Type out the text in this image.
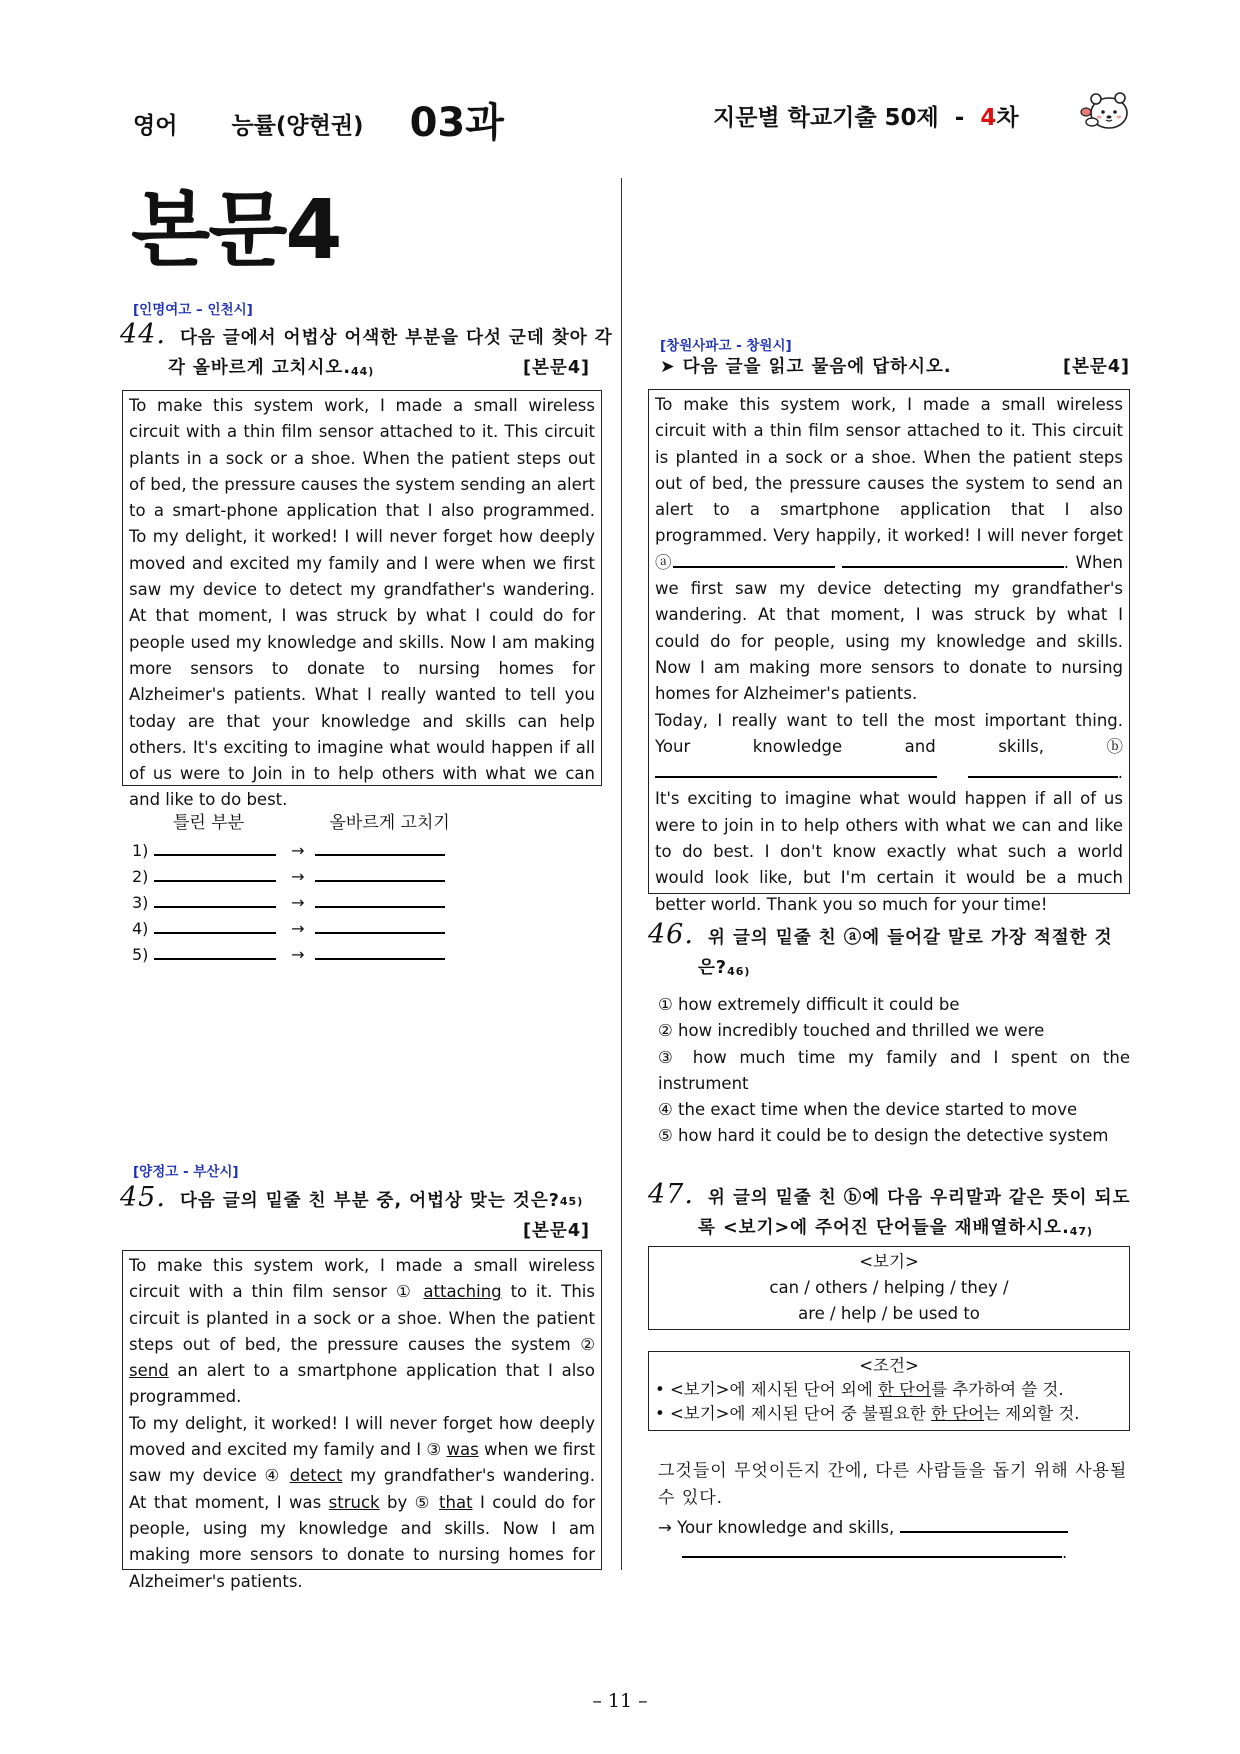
영어 능률(양현권) 03과	지문별 학교기출 50제 - 4차
본문4
[인명여고 – 인천시]
44. 다음 글에서 어법상 어색한 부분을 다섯 군데 찾아 각
각 올바르게 고치시오.$^{44)}$	[본문4]

To make this system work, I made a small wireless circuit with a thin film sensor attached to it. This circuit plants in a sock or a shoe. When the patient steps out of bed, the pressure causes the system sending an alert to a smart-phone application that I also programmed. To my delight, it worked! I will never forget how deeply moved and excited my family and I were when we first saw my device to detect my grandfather's wandering. At that moment, I was struck by what I could do for people used my knowledge and skills. Now I am making more sensors to donate to nursing homes for Alzheimer's patients. What I really wanted to tell you today are that your knowledge and skills can help others. It's exciting to imagine what would happen if all of us were to Join in to help others with what we can and like to do best.

틀린 부분	올바르게 고치기
1)	→
2)	→
3)	→
4)	→
5)	→
[양정고 - 부산시]
45. 다음 글의 밑줄 친 부분 중, 어법상 맞는 것은?$^{45)}$
[본문4]

To make this system work, I made a small wireless circuit with a thin film sensor ① attaching to it. This circuit is planted in a sock or a shoe. When the patient steps out of bed, the pressure causes the system ② send an alert to a smartphone application that I also programmed.

To my delight, it worked! I will never forget how deeply moved and excited my family and I ③ was when we first saw my device ④ detect my grandfather's wandering. At that moment, I was struck by ⑤ that I could do for people, using my knowledge and skills. Now I am making more sensors to donate to nursing homes for Alzheimer's patients.

[창원사파고 - 창원시]
➤ 다음 글을 읽고 물음에 답하시오.	[본문4]

To make this system work, I made a small wireless circuit with a thin film sensor attached to it. This circuit is planted in a sock or a shoe. When the patient steps out of bed, the pressure causes the system to send an alert to a smartphone application that I also programmed. Very happily, it worked! I will never forget ⓐ	. When we first saw my device detecting my grandfather's wandering. At that moment, I was struck by what I could do for people, using my knowledge and skills. Now I am making more sensors to donate to nursing homes for Alzheimer's patients.

Today, I really want to tell the most important thing. Your knowledge and skills, ⓑ . It's exciting to imagine what would happen if all of us were to join in to help others with what we can and like to do best. I don't know exactly what such a world would look like, but I'm certain it would be a much better world. Thank you so much for your time!

46. 위 글의 밑줄 친 ⓐ에 들어갈 말로 가장 적절한 것
은?$^{46)}$
① how extremely difficult it could be
② how incredibly touched and thrilled we were
③ how much time my family and I spent on the instrument
④ the exact time when the device started to move
⑤ how hard it could be to design the detective system
47. 위 글의 밑줄 친 ⓑ에 다음 우리말과 같은 뜻이 되도
록 <보기>에 주어진 단어들을 재배열하시오.$^{47)}$
<보기>
can / others / helping / they /
are / help / be used to
<조건>
• <보기>에 제시된 단어 외에 한 단어를 추가하여 쓸 것.
• <보기>에 제시된 단어 중 불필요한 한 단어는 제외할 것.
그것들이 무엇이든지 간에, 다른 사람들을 돕기 위해 사용될 수 있다.
→ Your knowledge and skills,
.
– 11 –
